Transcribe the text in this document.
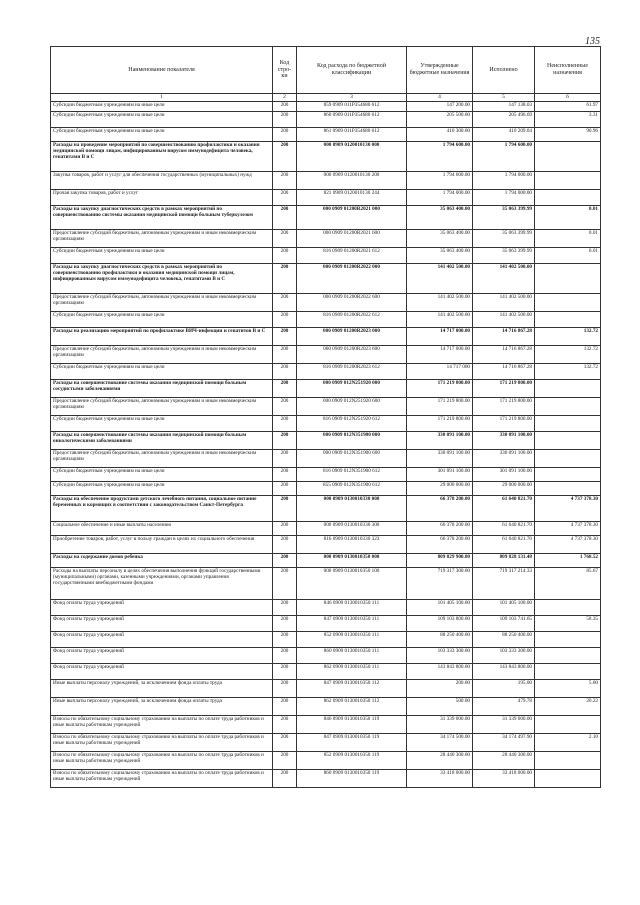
135
Наименование показателя	Код стро- ки	Код расхода по бюджетной классификации	Утвержденные бюджетные назначения	Исполнено	Неисполненные назначения
1	2	3	4	5	6
Субсидии бюджетным учреждениям на иные цели	200	859 0909 011Р354680 612	147 200.00	147 138.03	61.97
Субсидии бюджетным учреждениям на иные цели	200	860 0909 011Р354680 612	205 500.00	205 496.69	3.31
Субсидии бюджетным учреждениям на иные цели	200	861 0909 011Р354680 612	410 300.00	410 209.04	90.96
Расходы на проведение мероприятий по совершенствованию профилактики и оказания медицинской помощи лицам, инфицированным вирусом иммунодефицита человека, гепатитами В и С	200	000 0909 0120010130 000	1 794 600.00	1 794 600.00	
Закупка товаров, работ и услуг для обеспечения государственных (муниципальных) нужд	200	000 0909 0120010130 200	1 794 600.00	1 794 000.00	
Прочая закупка товаров, работ и услуг	200	821 0909 0120010130 244	1 794 000.00	1 794 000.00	
Расходы на закупку диагностических средств в рамках мероприятий по совершенствованию системы оказания медицинской помощи больным туберкулезом	200	000 0909 01200R2021 000	35 063 400.00	35 063 399.99	0.01
Предоставление субсидий бюджетным, автономным учреждениям и иным некоммерческим организациям	200	000 0909 01200R2021 600	35 063 400.00	35 063 399.99	0.01
Субсидии бюджетным учреждениям на иные цели	200	816 0909 01200R2021 612	35 063 400.00	35 063 399.99	0.01
Расходы на закупку диагностических средств в рамках мероприятий по совершенствованию профилактики и оказания медицинской помощи лицам, инфицированным вирусом иммунодефицита человека, гепатитами В и С	200	000 0909 01200R2022 000	141 402 500.00	141 402 500.00	
Предоставление субсидий бюджетным, автономным учреждениям и иным некоммерческим организациям	200	000 0909 01200R2022 600	141 402 500.00	141 402 500.00	
Субсидии бюджетным учреждениям на иные цели	200	816 0909 01200R2022 612	141 402 500.00	141 402 500.00	
Расходы на реализацию мероприятий по профилактике ВИЧ-инфекции и гепатитов В и С	200	000 0909 01200R2023 000	14 717 000.00	14 716 867.28	132.72
Предоставление субсидий бюджетным, автономным учреждениям и иным некоммерческим организациям	200	000 0909 01200R2023 600	14 717 000.00	14 716 867.28	132.72
Субсидии бюджетным учреждениям на иные цели	200	816 0909 01200R2023 612	14 717 000	14 716 867.28	132.72
Расходы на совершенствование системы оказания медицинской помощи больным сосудистыми заболеваниями	200	000 0909 012N251920 000	171 219 800.00	171 219 800.00	
Предоставление субсидий бюджетным, автономным учреждениям и иным некоммерческим организациям	200	000 0909 012N251920 600	171 219 800.00	171 219 800.00	
Субсидии бюджетным учреждениям на иные цели	200	816 0909 012N251920 612	171 219 800.00	171 219 800.00	
Расходы на совершенствование системы оказания медицинской помощи больным онкологическими заболеваниями	200	000 0909 012N351900 000	330 091 100.00	330 091 100.00	
Предоставление субсидий бюджетным, автономным учреждениям и иным некоммерческим организациям	200	000 0909 012N351900 600	330 091 100.00	330 091 100.00	
Субсидии бюджетным учреждениям на иные цели	200	816 0909 012N351900 612	301 091 100.00	301 091 100.00	
Субсидии бюджетным учреждениям на иные цели	200	855 0909 012N351900 612	29 000 000.00	29 000 000.00	
Расходы на обеспечение продуктами детского лечебного питания, социальное питание беременных и кормящих в соответствии с законодательством Санкт-Петербурга	200	000 0909 0130010330 000	66 378 200.00	61 640 821.70	4 737 378.30
Социальное обеспечение и иные выплаты населению	200	000 0909 0130010330 300	66 378 200.00	61 640 821.70	4 737 378.30
Приобретение товаров, работ, услуг в пользу граждан в целях их социального обеспечения	200	816 0909 0130010330 323	66 378 200.00	61 640 821.70	4 737 378.30
Расходы на содержание домов ребенка	200	000 0909 0130010350 000	809 829 900.00	809 828 131.48	1 768.52
Расходы на выплаты персоналу в целях обеспечения выполнения функций государственными (муниципальными) органами, казенными учреждениями, органами управления государственными внебюджетными фондами	200	000 0909 0130010350 100	719 317 300.00	719 317 214.33	85.67
Фонд оплаты труда учреждений	200	846 0909 0130010350 111	101 405 100.00	101 405 100.00	
Фонд оплаты труда учреждений	200	847 0909 0130010350 111	109 103 800.00	109 103 741.65	58.35
Фонд оплаты труда учреждений	200	852 0909 0130010350 111	88 250 400.00	88 250 400.00	
Фонд оплаты труда учреждений	200	860 0909 0130010350 111	103 333 300.00	103 333 300.00	
Фонд оплаты труда учреждений	200	862 0909 0130010350 111	143 843 800.00	143 843 800.00	
Иные выплаты персоналу учреждений, за исключением фонда оплаты труда	200	847 0909 0130010350 112	200.00	195.00	5.00
Иные выплаты персоналу учреждений, за исключением фонда оплаты труда	200	862 0909 0130010350 112	500.00	479.78	20.22
Взносы по обязательному социальному страхованию на выплаты по оплате труда работников и иные выплаты работникам учреждений	200	846 0909 0130010350 119	31 339 000.00	31 339 000.00	
Взносы по обязательному социальному страхованию на выплаты по оплате труда работников и иные выплаты работникам учреждений	200	847 0909 0130010350 119	34 174 500.00	34 174 497.90	2.10
Взносы по обязательному социальному страхованию на выплаты по оплате труда работников и иные выплаты работникам учреждений	200	852 0909 0130010350 119	28 440 300.00	28 440 300.00	
Взносы по обязательному социальному страхованию на выплаты по оплате труда работников и иные выплаты работникам учреждений	200	860 0909 0130010350 119	33 418 000.00	33 418 000.00	
